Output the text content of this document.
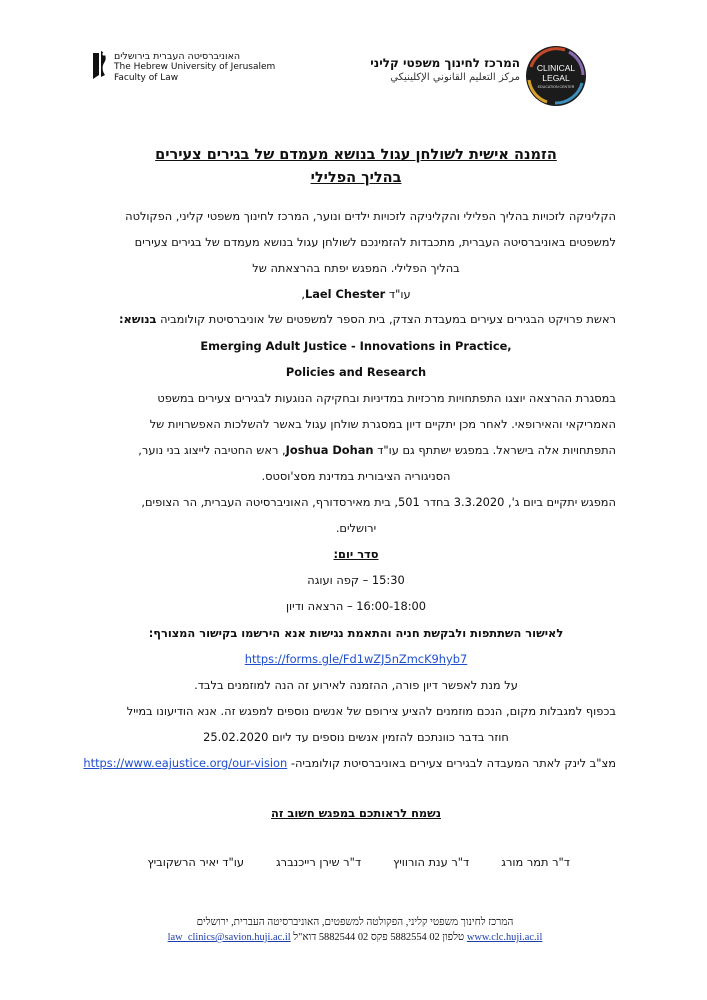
האוניברסיטה העברית בירושלים
The Hebrew University of Jerusalem
Faculty of Law
המרכז לחינוך משפטי קליני
مركز التعليم القانوني الإكلينيكي
CLINICAL
LEGAL
EDUCATION CENTER
הזמנה אישית לשולחן עגול בנושא מעמדם של בגירים צעירים
בהליך הפלילי
הקליניקה לזכויות בהליך הפלילי והקליניקה לזכויות ילדים ונוער, המרכז לחינוך משפטי קליני, הפקולטה
למשפטים באוניברסיטה העברית, מתכבדות להזמינכם לשולחן עגול בנושא מעמדם של בגירים צעירים
בהליך הפלילי. המפגש יפתח בהרצאתה של
עו"ד Lael Chester,
ראשת פרויקט הבגירים צעירים במעבדת הצדק, בית הספר למשפטים של אוניברסיטת קולומביה בנושא:
Emerging Adult Justice - Innovations in Practice,
Policies and Research
במסגרת ההרצאה יוצגו התפתחויות מרכזיות במדיניות ובחקיקה הנוגעות לבגירים צעירים במשפט
האמריקאי והאירופאי. לאחר מכן יתקיים דיון במסגרת שולחן עגול באשר להשלכות האפשרויות של
התפתחויות אלה בישראל. במפגש ישתתף גם עו"ד Joshua Dohan, ראש החטיבה לייצוג בני נוער,
הסניגוריה הציבורית במדינת מסצ'וסטס.
המפגש יתקיים ביום ג', 3.3.2020 בחדר 501, בית מאירסדורף, האוניברסיטה העברית, הר הצופים,
ירושלים.
סדר יום:
15:30 – קפה ועוגה
16:00-18:00 – הרצאה ודיון
לאישור השתתפות ולבקשת חניה והתאמת נגישות אנא הירשמו בקישור המצורף:
https://forms.gle/Fd1wZJ5nZmcK9hyb7
על מנת לאפשר דיון פורה, ההזמנה לאירוע זה הנה למוזמנים בלבד.
בכפוף למגבלות מקום, הנכם מוזמנים להציע צירופם של אנשים נוספים למפגש זה. אנא הודיעונו במייל
חוזר בדבר כוונתכם להזמין אנשים נוספים עד ליום 25.02.2020
מצ"ב לינק לאתר המעבדה לבגירים צעירים באוניברסיטת קולומביה- https://www.eajustice.org/our-vision
נשמח לראותכם במפגש חשוב זה
ד"ר תמר מורג
ד"ר ענת הורוויץ
ד"ר שירן רייכנברג
עו"ד יאיר הרשקוביץ
המרכז לחינוך משפטי קליני, הפקולטה למשפטים, האוניברסיטה העברית, ירושלים
www.clc.huji.ac.il טלפון 02 5882554 פקס 02 5882544 דוא"ל law_clinics@savion.huji.ac.il
